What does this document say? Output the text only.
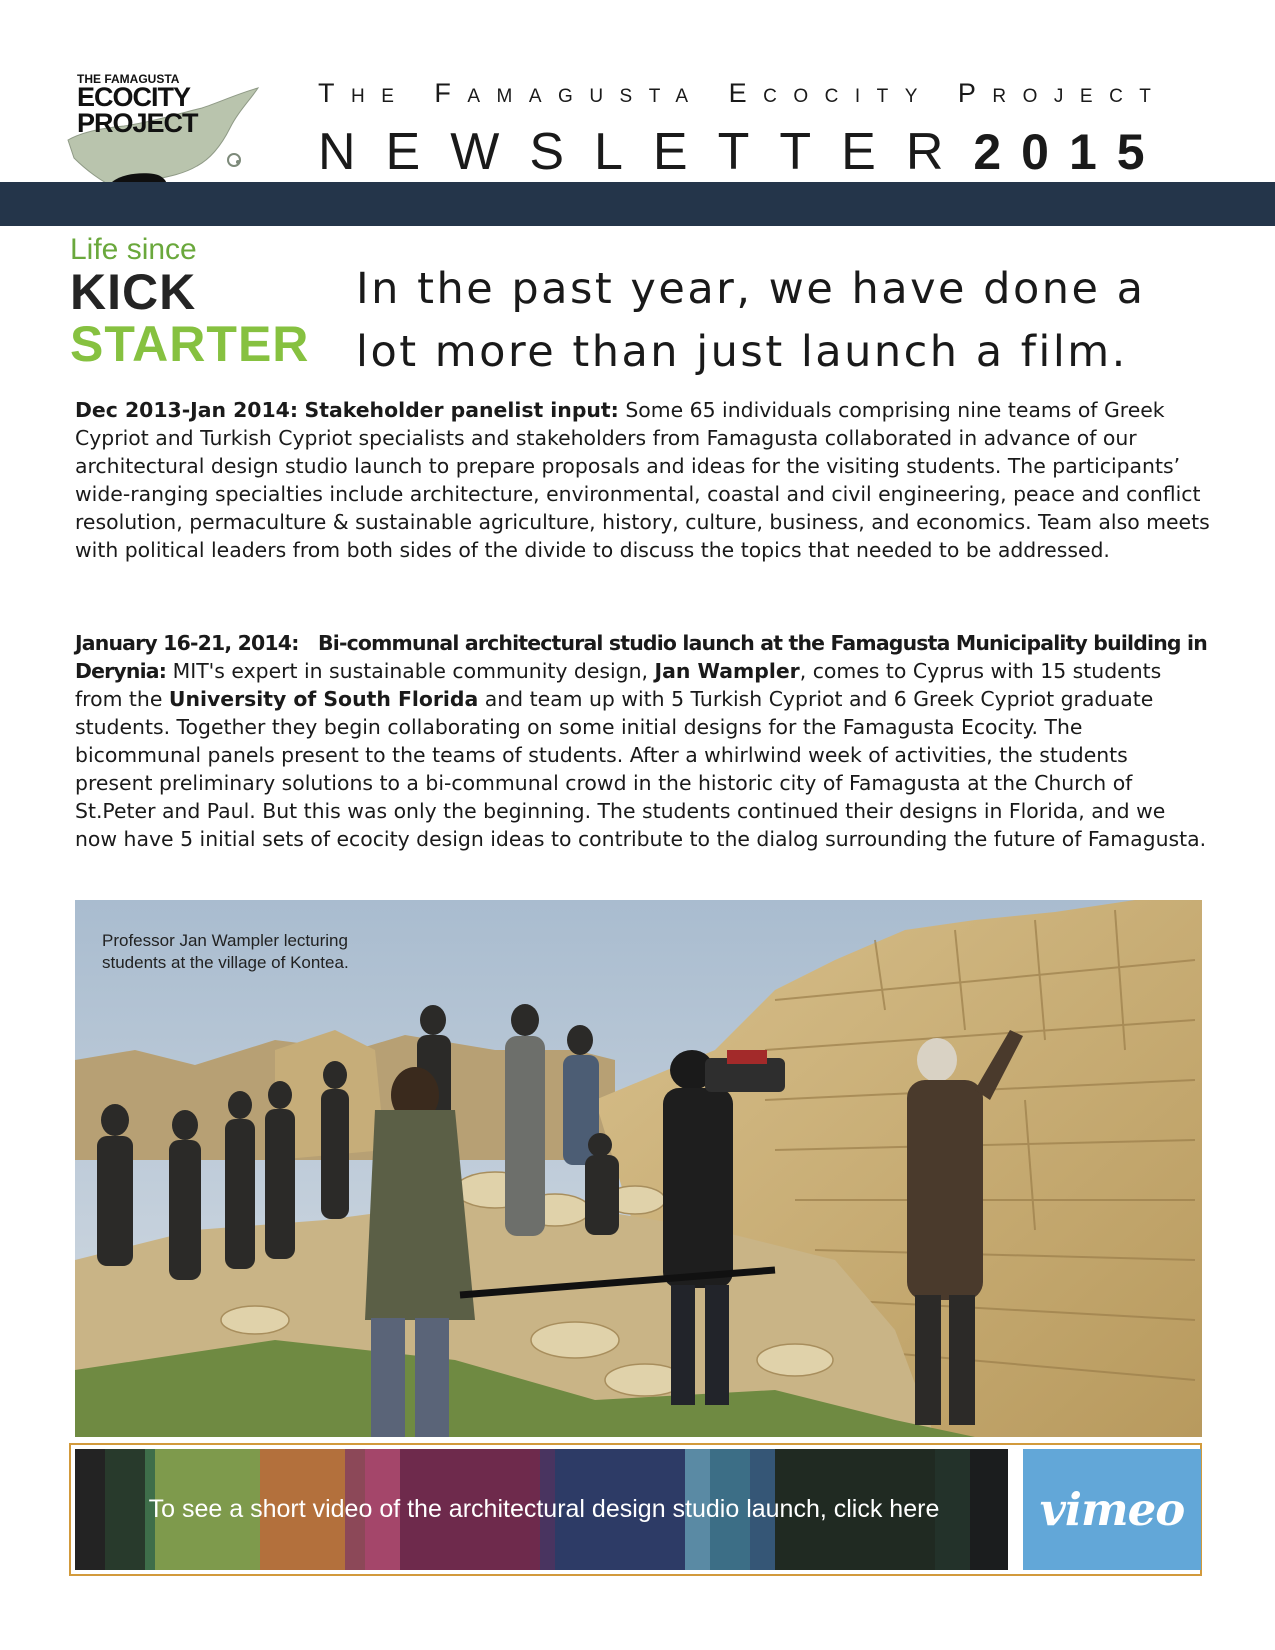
THE FAMAGUSTA
ECOCITY
PROJECT
The Famagusta Ecocity Project
NEWSLETTER2015
Life since
KICK
STARTER
In the past year, we have done a
lot more than just launch a film.
Dec 2013-Jan 2014: Stakeholder panelist input: Some 65 individuals comprising nine teams of Greek Cypriot and Turkish Cypriot specialists and stakeholders from Famagusta collaborated in advance of our architectural design studio launch to prepare proposals and ideas for the visiting students. The participants’ wide-ranging specialties include architecture, environmental, coastal and civil engineering, peace and conflict resolution, permaculture & sustainable agriculture, history, culture, business, and economics. Team also meets with political leaders from both sides of the divide to discuss the topics that needed to be addressed.
January 16-21, 2014: Bi-communal architectural studio launch at the Famagusta Municipality building in Derynia: MIT's expert in sustainable community design, Jan Wampler, comes to Cyprus with 15 students from the University of South Florida and team up with 5 Turkish Cypriot and 6 Greek Cypriot graduate students. Together they begin collaborating on some initial designs for the Famagusta Ecocity. The bicommunal panels present to the teams of students. After a whirlwind week of activities, the students present preliminary solutions to a bi-communal crowd in the historic city of Famagusta at the Church of St.Peter and Paul. But this was only the beginning. The students continued their designs in Florida, and we now have 5 initial sets of ecocity design ideas to contribute to the dialog surrounding the future of Famagusta.
Professor Jan Wampler lecturing
students at the village of Kontea.
To see a short video of the architectural design studio launch, click here	vimeo
